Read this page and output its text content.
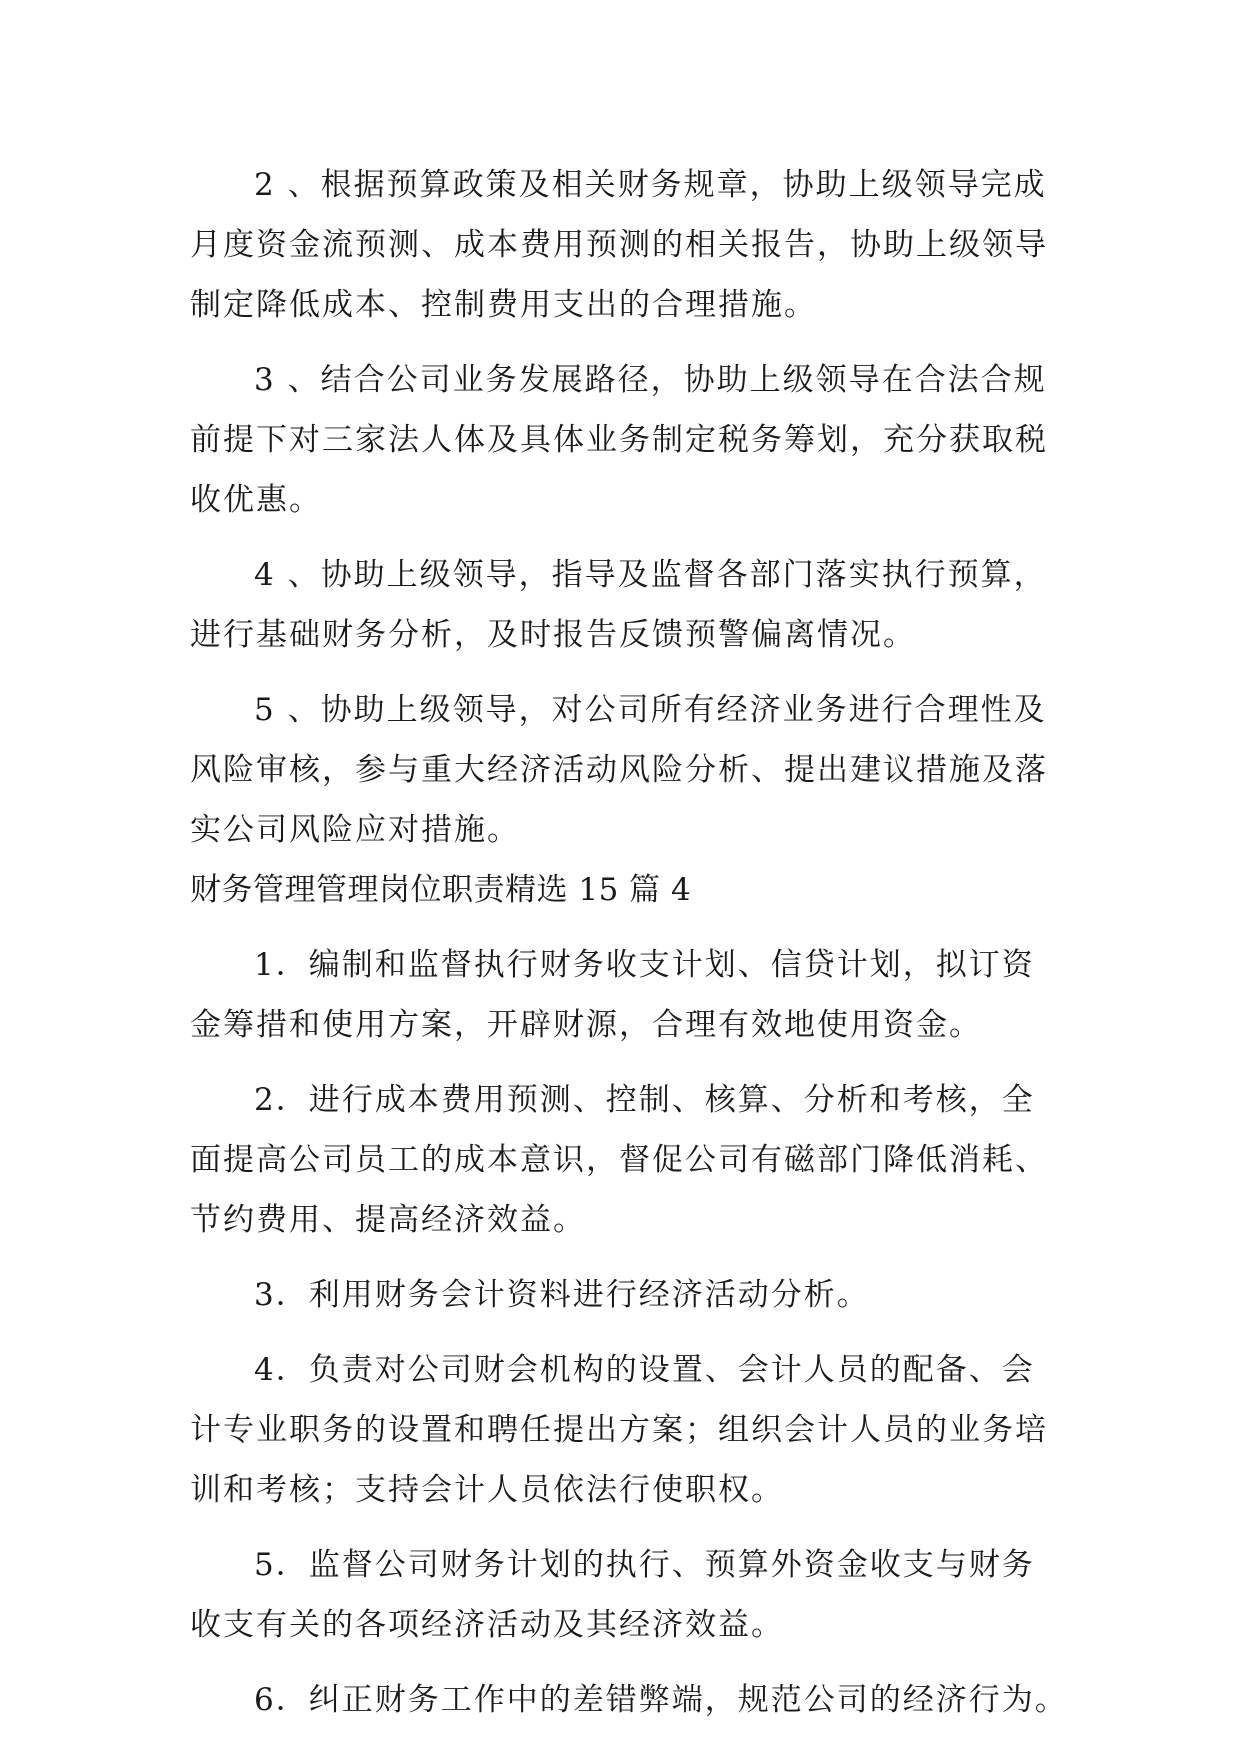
2 、根据预算政策及相关财务规章，协助上级领导完成
月度资金流预测、成本费用预测的相关报告，协助上级领导
制定降低成本、控制费用支出的合理措施。
3 、结合公司业务发展路径，协助上级领导在合法合规
前提下对三家法人体及具体业务制定税务筹划，充分获取税
收优惠。
4 、协助上级领导，指导及监督各部门落实执行预算，
进行基础财务分析，及时报告反馈预警偏离情况。
5 、协助上级领导，对公司所有经济业务进行合理性及
风险审核，参与重大经济活动风险分析、提出建议措施及落
实公司风险应对措施。
财务管理管理岗位职责精选 15 篇 4
1．编制和监督执行财务收支计划、信贷计划，拟订资
金筹措和使用方案，开辟财源，合理有效地使用资金。
2．进行成本费用预测、控制、核算、分析和考核，全
面提高公司员工的成本意识，督促公司有磁部门降低消耗、
节约费用、提高经济效益。
3．利用财务会计资料进行经济活动分析。
4．负责对公司财会机构的设置、会计人员的配备、会
计专业职务的设置和聘任提出方案；组织会计人员的业务培
训和考核；支持会计人员依法行使职权。
5．监督公司财务计划的执行、预算外资金收支与财务
收支有关的各项经济活动及其经济效益。
6．纠正财务工作中的差错弊端，规范公司的经济行为。
